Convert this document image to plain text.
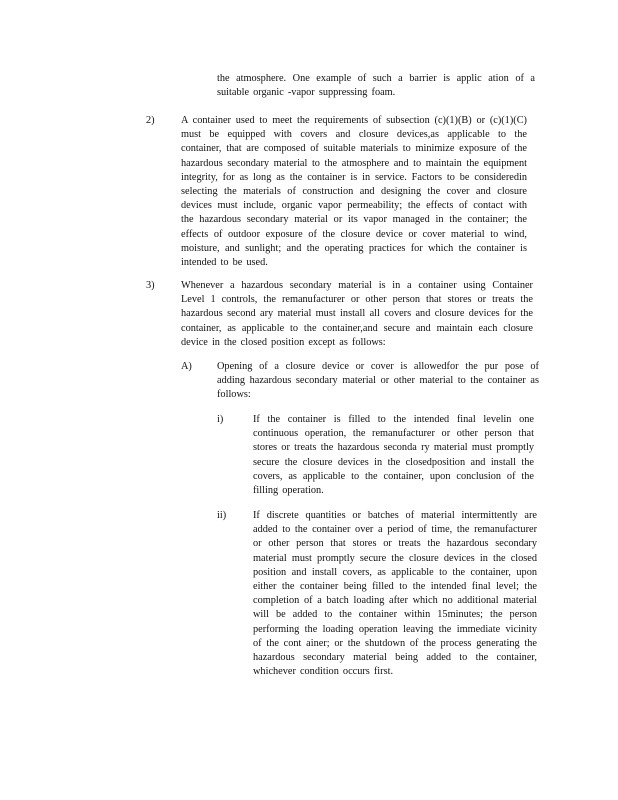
the atmosphere. One example of such a barrier is applic ation of a suitable organic -vapor suppressing foam.
2)	A container used to meet the requirements of subsection (c)(1)(B) or (c)(1)(C) must be equipped with covers and closure devices,as applicable to the container, that are composed of suitable materials to minimize exposure of the hazardous secondary material to the atmosphere and to maintain the equipment integrity, for as long as the container is in service. Factors to be consideredin selecting the materials of construction and designing the cover and closure devices must include, organic vapor permeability; the effects of contact with the hazardous secondary material or its vapor managed in the container; the effects of outdoor exposure of the closure device or cover material to wind, moisture, and sunlight; and the operating practices for which the container is intended to be used.
3)	Whenever a hazardous secondary material is in a container using Container Level 1 controls, the remanufacturer or other person that stores or treats the hazardous second ary material must install all covers and closure devices for the container, as applicable to the container,and secure and maintain each closure device in the closed position except as follows:
A) Opening of a closure device or cover is allowedfor the pur pose of adding hazardous secondary material or other material to the container as follows:
i)	If the container is filled to the intended final levelin one continuous operation, the remanufacturer or other person that stores or treats the hazardous seconda ry material must promptly secure the closure devices in the closedposition and install the covers, as applicable to the container, upon conclusion of the filling operation.
ii)	If discrete quantities or batches of material intermittently are added to the container over a period of time, the remanufacturer or other person that stores or treats the hazardous secondary material must promptly secure the closure devices in the closed position and install covers, as applicable to the container, upon either the container being filled to the intended final level; the completion of a batch loading after which no additional material will be added to the container within 15minutes; the person performing the loading operation leaving the immediate vicinity of the cont ainer; or the shutdown of the process generating the hazardous secondary material being added to the container, whichever condition occurs first.
